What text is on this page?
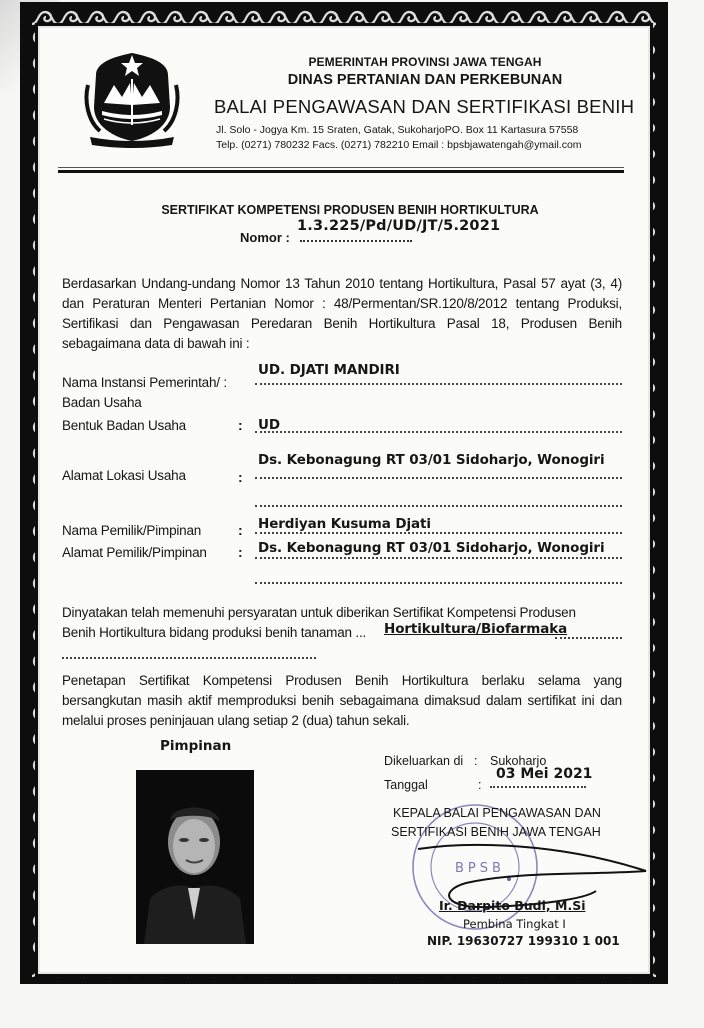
PEMERINTAH PROVINSI JAWA TENGAH
DINAS PERTANIAN DAN PERKEBUNAN
BALAI PENGAWASAN DAN SERTIFIKASI BENIH
Jl. Solo - Jogya Km. 15 Sraten, Gatak, SukoharjoPO. Box 11 Kartasura 57558
Telp. (0271) 780232 Facs. (0271) 782210 Email : bpsbjawatengah@ymail.com
SERTIFIKAT KOMPETENSI PRODUSEN BENIH HORTIKULTURA
1.3.225/Pd/UD/JT/5.2021
Nomor :
Berdasarkan Undang-undang Nomor 13 Tahun 2010 tentang Hortikultura, Pasal 57 ayat (3, 4) dan Peraturan Menteri Pertanian Nomor : 48/Permentan/SR.120/8/2012 tentang Produksi, Sertifikasi dan Pengawasan Peredaran Benih Hortikultura Pasal 18, Produsen Benih sebagaimana data di bawah ini :
Nama Instansi Pemerintah/ :
Badan Usaha
UD. DJATI MANDIRI
Bentuk Badan Usaha	: UD
Alamat Lokasi Usaha	:
Ds. Kebonagung RT 03/01 Sidoharjo, Wonogiri
Nama Pemilik/Pimpinan	: Herdiyan Kusuma Djati
Alamat Pemilik/Pimpinan : Ds. Kebonagung RT 03/01 Sidoharjo, Wonogiri
Dinyatakan telah memenuhi persyaratan untuk diberikan Sertifikat Kompetensi Produsen
Benih Hortikultura bidang produksi benih tanaman ... Hortikultura/Biofarmaka
Penetapan Sertifikat Kompetensi Produsen Benih Hortikultura berlaku selama yang bersangkutan masih aktif memproduksi benih sebagaimana dimaksud dalam sertifikat ini dan melalui proses peninjauan ulang setiap 2 (dua) tahun sekali.
Pimpinan
Dikeluarkan di : Sukoharjo
Tanggal	:
03 Mei 2021
BPSB
KEPALA BALAI PENGAWASAN DAN
SERTIFIKASI BENIH JAWA TENGAH
Ir. Darpito Budi, M.Si
Pembina Tingkat I
NIP. 19630727 199310 1 001
